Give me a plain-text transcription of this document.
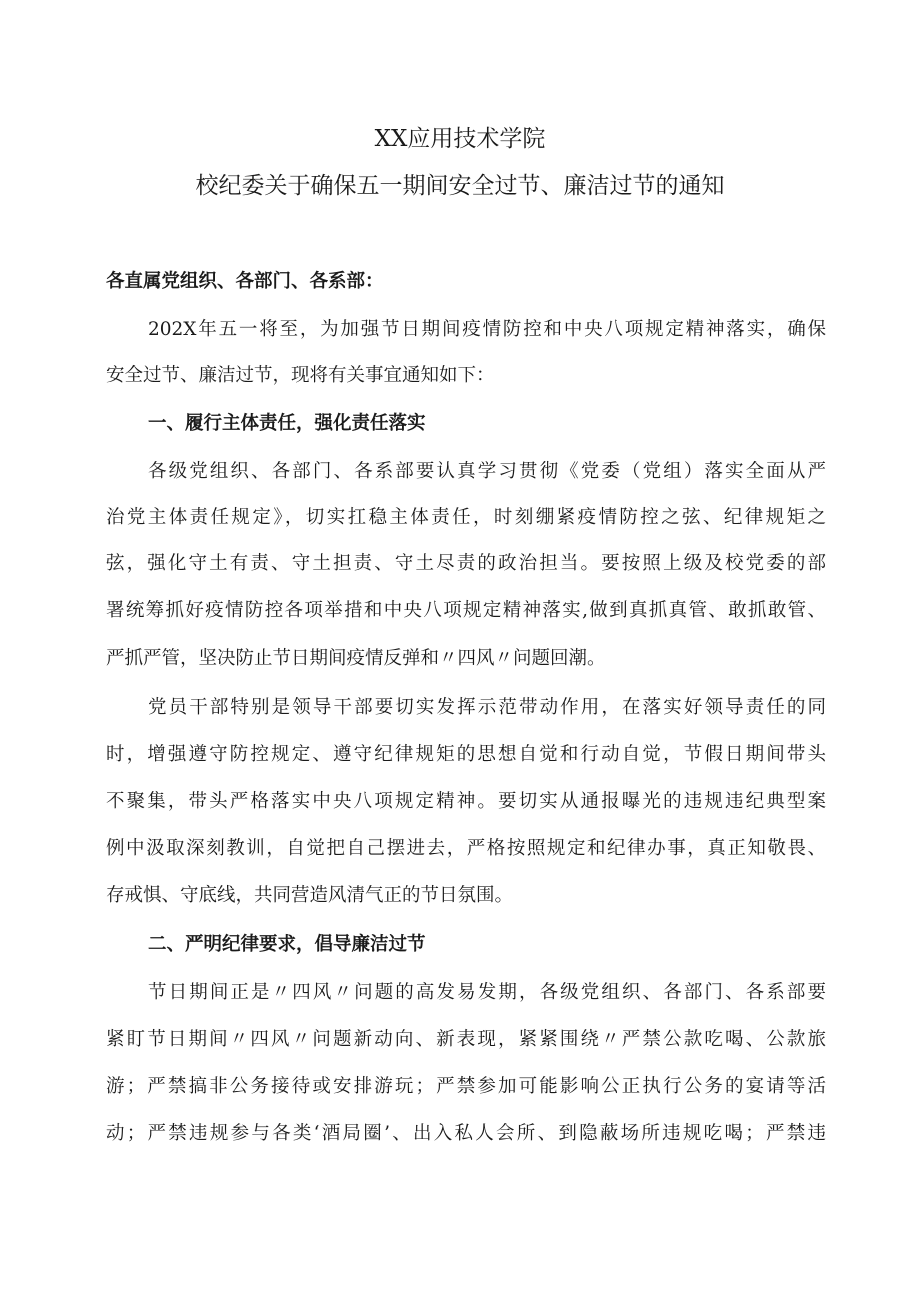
XX应用技术学院
校纪委关于确保五一期间安全过节、廉洁过节的通知
各直属党组织、各部门、各系部：
202X年五一将至，为加强节日期间疫情防控和中央八项规定精神落实，确保
安全过节、廉洁过节，现将有关事宜通知如下：
一、履行主体责任，强化责任落实
各级党组织、各部门、各系部要认真学习贯彻《党委（党组）落实全面从严
治党主体责任规定》，切实扛稳主体责任，时刻绷紧疫情防控之弦、纪律规矩之
弦，强化守土有责、守土担责、守土尽责的政治担当。要按照上级及校党委的部
署统筹抓好疫情防控各项举措和中央八项规定精神落实,做到真抓真管、敢抓敢管、
严抓严管，坚决防止节日期间疫情反弹和〃四风〃问题回潮。
党员干部特别是领导干部要切实发挥示范带动作用，在落实好领导责任的同
时，增强遵守防控规定、遵守纪律规矩的思想自觉和行动自觉，节假日期间带头
不聚集，带头严格落实中央八项规定精神。要切实从通报曝光的违规违纪典型案
例中汲取深刻教训，自觉把自己摆进去，严格按照规定和纪律办事，真正知敬畏、
存戒惧、守底线，共同营造风清气正的节日氛围。
二、严明纪律要求，倡导廉洁过节
节日期间正是〃四风〃问题的高发易发期，各级党组织、各部门、各系部要
紧盯节日期间〃四风〃问题新动向、新表现，紧紧围绕〃严禁公款吃喝、公款旅
游；严禁搞非公务接待或安排游玩；严禁参加可能影响公正执行公务的宴请等活
动；严禁违规参与各类‘酒局圈’、出入私人会所、到隐蔽场所违规吃喝；严禁违
